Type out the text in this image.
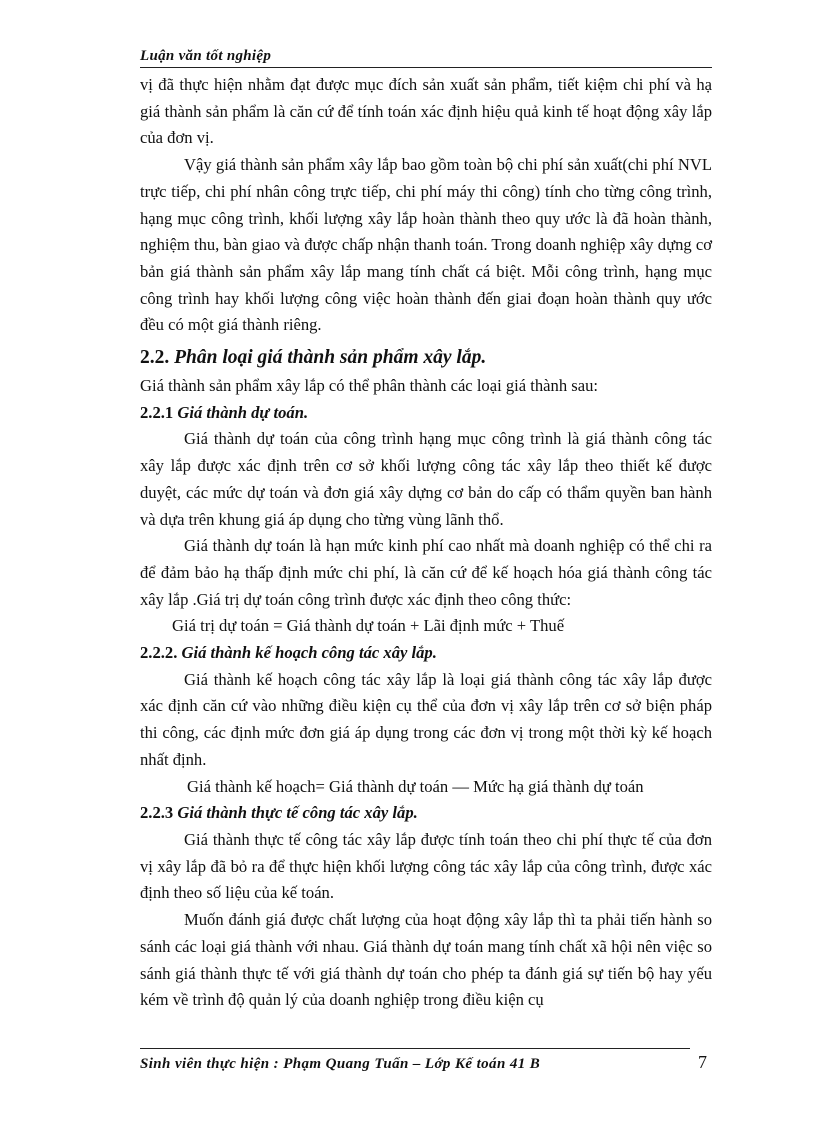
Luận văn tốt nghiệp

vị đã thực hiện nhằm đạt được mục đích sản xuất sản phẩm, tiết kiệm chi phí và hạ giá thành sản phẩm là căn cứ để tính toán xác định hiệu quả kinh tế hoạt động xây lắp của đơn vị.

Vậy giá thành sản phẩm xây lắp bao gồm toàn bộ chi phí sản xuất(chi phí NVL trực tiếp, chi phí nhân công trực tiếp, chi phí máy thi công) tính cho từng công trình, hạng mục công trình, khối lượng xây lắp hoàn thành theo quy ước là đã hoàn thành, nghiệm thu, bàn giao và được chấp nhận thanh toán. Trong doanh nghiệp xây dựng cơ bản giá thành sản phẩm xây lắp mang tính chất cá biệt. Mỗi công trình, hạng mục công trình hay khối lượng công việc hoàn thành đến giai đoạn hoàn thành quy ước đều có một giá thành riêng.

2.2. Phân loại giá thành sản phẩm xây lắp.

Giá thành sản phẩm xây lắp có thể phân thành các loại giá thành sau:

2.2.1 Giá thành dự toán.

Giá thành dự toán của công trình hạng mục công trình là giá thành công tác xây lắp được xác định trên cơ sở khối lượng công tác xây lắp theo thiết kế được duyệt, các mức dự toán và đơn giá xây dựng cơ bản do cấp có thẩm quyền ban hành và dựa trên khung giá áp dụng cho từng vùng lãnh thổ.

Giá thành dự toán là hạn mức kinh phí cao nhất mà doanh nghiệp có thể chi ra để đảm bảo hạ thấp định mức chi phí, là căn cứ để kế hoạch hóa giá thành công tác xây lắp .Giá trị dự toán công trình được xác định theo công thức:

Giá trị dự toán = Giá thành dự toán + Lãi định mức + Thuế

2.2.2. Giá thành kế hoạch công tác xây lắp.

Giá thành kế hoạch công tác xây lắp là loại giá thành công tác xây lắp được xác định căn cứ vào những điều kiện cụ thể của đơn vị xây lắp trên cơ sở biện pháp thi công, các định mức đơn giá áp dụng trong các đơn vị trong một thời kỳ kế hoạch nhất định.

Giá thành kế hoạch= Giá thành dự toán — Mức hạ giá thành dự toán

2.2.3 Giá thành thực tế công tác xây lắp.

Giá thành thực tế công tác xây lắp được tính toán theo chi phí thực tế của đơn vị xây lắp đã bỏ ra để thực hiện khối lượng công tác xây lắp của công trình, được xác định theo số liệu của kế toán.

Muốn đánh giá được chất lượng của hoạt động xây lắp thì ta phải tiến hành so sánh các loại giá thành với nhau. Giá thành dự toán mang tính chất xã hội nên việc so sánh giá thành thực tế với giá thành dự toán cho phép ta đánh giá sự tiến bộ hay yếu kém về trình độ quản lý của doanh nghiệp trong điều kiện cụ

Sinh viên thực hiện : Phạm Quang Tuấn – Lớp Kế toán 41 B	7
